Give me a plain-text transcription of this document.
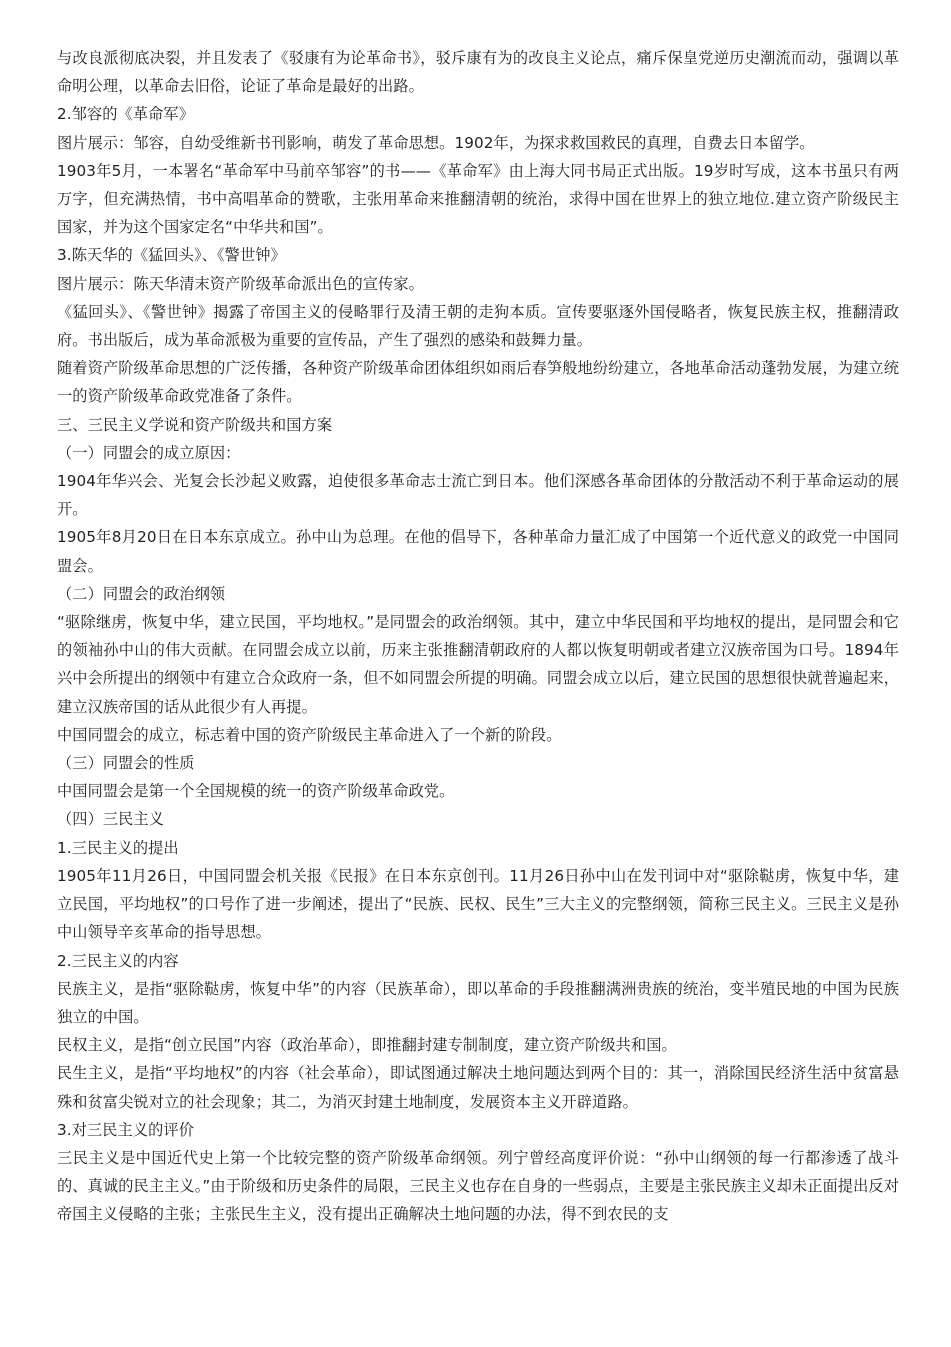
与改良派彻底决裂，并且发表了《驳康有为论革命书》，驳斥康有为的改良主义论点，痛斥保皇党逆历史潮流而动，强调以革命明公理，以革命去旧俗，论证了革命是最好的出路。

2.邹容的《革命军》

图片展示：邹容，自幼受维新书刊影响，萌发了革命思想。1902年，为探求救国救民的真理，自费去日本留学。

1903年5月，一本署名“革命军中马前卒邹容”的书——《革命军》由上海大同书局正式出版。19岁时写成，这本书虽只有两万字，但充满热情，书中高唱革命的赞歌，主张用革命来推翻清朝的统治，求得中国在世界上的独立地位.建立资产阶级民主国家，并为这个国家定名“中华共和国”。

3.陈天华的《猛回头》、《警世钟》

图片展示：陈天华清末资产阶级革命派出色的宣传家。

《猛回头》、《警世钟》揭露了帝国主义的侵略罪行及清王朝的走狗本质。宣传要驱逐外国侵略者，恢复民族主权，推翻清政府。书出版后，成为革命派极为重要的宣传品，产生了强烈的感染和鼓舞力量。

随着资产阶级革命思想的广泛传播，各种资产阶级革命团体组织如雨后春笋般地纷纷建立，各地革命活动蓬勃发展，为建立统一的资产阶级革命政党准备了条件。

三、三民主义学说和资产阶级共和国方案

（一）同盟会的成立原因：

1904年华兴会、光复会长沙起义败露，迫使很多革命志士流亡到日本。他们深感各革命团体的分散活动不利于革命运动的展开。

1905年8月20日在日本东京成立。孙中山为总理。在他的倡导下，各种革命力量汇成了中国第一个近代意义的政党一中国同盟会。

（二）同盟会的政治纲领

“驱除继虏，恢复中华，建立民国，平均地权。”是同盟会的政治纲领。其中，建立中华民国和平均地权的提出，是同盟会和它的领袖孙中山的伟大贡献。在同盟会成立以前，历来主张推翻清朝政府的人都以恢复明朝或者建立汉族帝国为口号。1894年兴中会所提出的纲领中有建立合众政府一条，但不如同盟会所提的明确。同盟会成立以后，建立民国的思想很快就普遍起来，建立汉族帝国的话从此很少有人再提。

中国同盟会的成立，标志着中国的资产阶级民主革命进入了一个新的阶段。

（三）同盟会的性质

中国同盟会是第一个全国规模的统一的资产阶级革命政党。

（四）三民主义

1.三民主义的提出

1905年11月26日，中国同盟会机关报《民报》在日本东京创刊。11月26日孙中山在发刊词中对“驱除鞑虏，恢复中华，建立民国，平均地权”的口号作了进一步阐述，提出了“民族、民权、民生”三大主义的完整纲领，简称三民主义。三民主义是孙中山领导辛亥革命的指导思想。

2.三民主义的内容

民族主义，是指“驱除鞑虏，恢复中华”的内容（民族革命），即以革命的手段推翻满洲贵族的统治，变半殖民地的中国为民族独立的中国。

民权主义，是指“创立民国”内容（政治革命），即推翻封建专制制度，建立资产阶级共和国。

民生主义，是指“平均地权”的内容（社会革命），即试图通过解决土地问题达到两个目的：其一，消除国民经济生活中贫富悬殊和贫富尖锐对立的社会现象；其二，为消灭封建土地制度，发展资本主义开辟道路。

3.对三民主义的评价

三民主义是中国近代史上第一个比较完整的资产阶级革命纲领。列宁曾经高度评价说：“孙中山纲领的每一行都渗透了战斗的、真诚的民主主义。”由于阶级和历史条件的局限，三民主义也存在自身的一些弱点，主要是主张民族主义却未正面提出反对帝国主义侵略的主张；主张民生主义，没有提出正确解决土地问题的办法，得不到农民的支
